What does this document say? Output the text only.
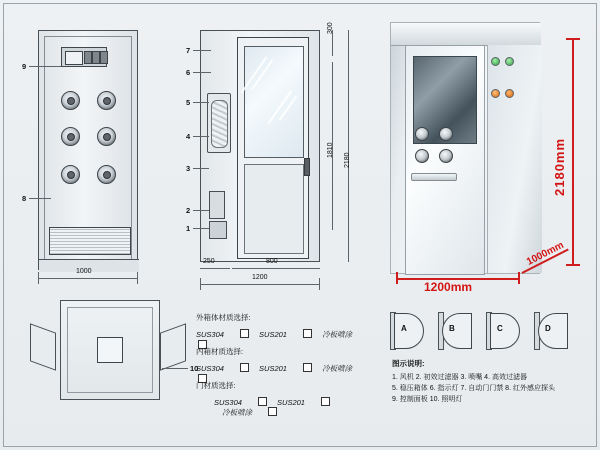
9
8
1000
7
6
5
4
3
2
1
300
1810
2180
250	800
1200
1200mm
1000mm
2180mm
10
外箱体材质选择:
SUS304	SUS201	冷板喷涂
内箱材质选择:
SUS304	SUS201	冷板喷涂
门材质选择:
SUS304	SUS201 冷板喷涂
A	B	C	D
图示说明:
1. 风机 2. 初效过滤器 3. 喷嘴 4. 高效过滤器
5. 稳压箱体 6. 指示灯 7. 自动门门禁 8. 红外感应探头
9. 控制面板 10. 照明灯
